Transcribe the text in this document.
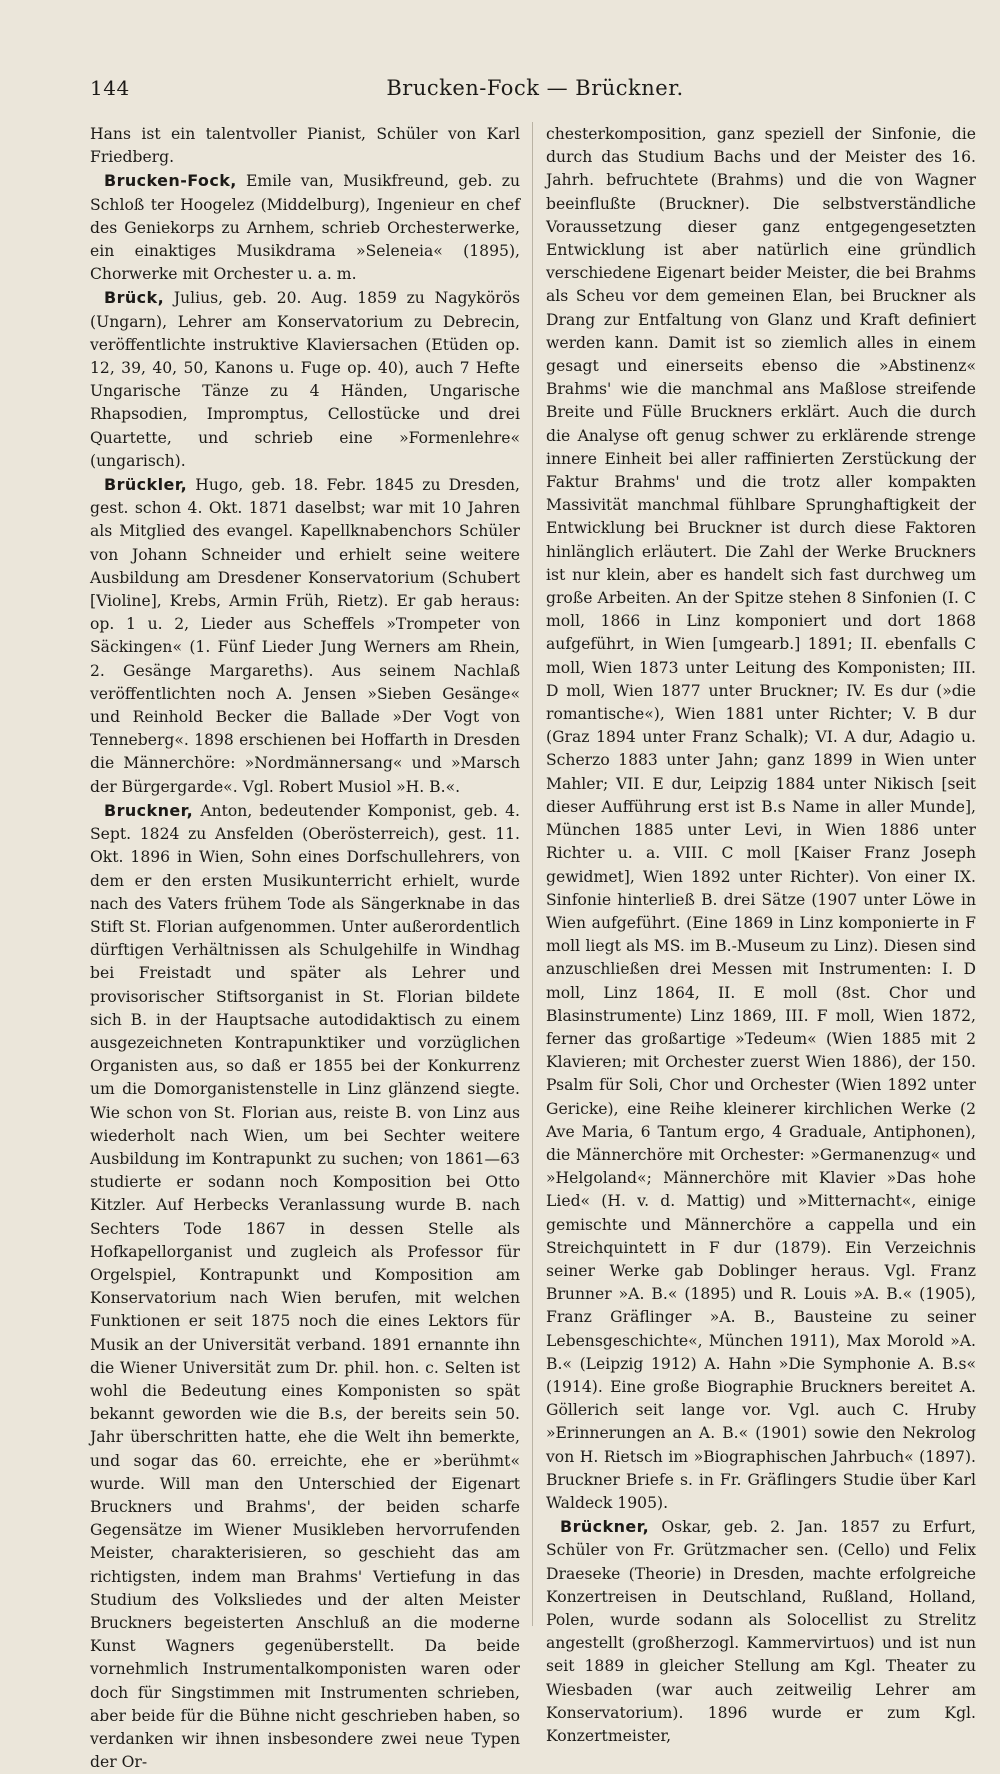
144	Brucken-Fock — Brückner.

Hans ist ein talentvoller Pianist, Schüler von Karl Friedberg.

Brucken-Fock, Emile van, Musikfreund, geb. zu Schloß ter Hoogelez (Middelburg), Ingenieur en chef des Geniekorps zu Arnhem, schrieb Orchesterwerke, ein einaktiges Musikdrama »Seleneia« (1895), Chorwerke mit Orchester u. a. m.

Brück, Julius, geb. 20. Aug. 1859 zu Nagykörös (Ungarn), Lehrer am Konservatorium zu Debrecin, veröffentlichte instruktive Klaviersachen (Etüden op. 12, 39, 40, 50, Kanons u. Fuge op. 40), auch 7 Hefte Ungarische Tänze zu 4 Händen, Ungarische Rhapsodien, Impromptus, Cellostücke und drei Quartette, und schrieb eine »Formenlehre« (ungarisch).

Brückler, Hugo, geb. 18. Febr. 1845 zu Dresden, gest. schon 4. Okt. 1871 daselbst; war mit 10 Jahren als Mitglied des evangel. Kapellknabenchors Schüler von Johann Schneider und erhielt seine weitere Ausbildung am Dresdener Konservatorium (Schubert [Violine], Krebs, Armin Früh, Rietz). Er gab heraus: op. 1 u. 2, Lieder aus Scheffels »Trompeter von Säckingen« (1. Fünf Lieder Jung Werners am Rhein, 2. Gesänge Margareths). Aus seinem Nachlaß veröffentlichten noch A. Jensen »Sieben Gesänge« und Reinhold Becker die Ballade »Der Vogt von Tenneberg«. 1898 erschienen bei Hoffarth in Dresden die Männerchöre: »Nordmännersang« und »Marsch der Bürgergarde«. Vgl. Robert Musiol »H. B.«.

Bruckner, Anton, bedeutender Komponist, geb. 4. Sept. 1824 zu Ansfelden (Oberösterreich), gest. 11. Okt. 1896 in Wien, Sohn eines Dorfschullehrers, von dem er den ersten Musikunterricht erhielt, wurde nach des Vaters frühem Tode als Sängerknabe in das Stift St. Florian aufgenommen. Unter außerordentlich dürftigen Verhältnissen als Schulgehilfe in Windhag bei Freistadt und später als Lehrer und provisorischer Stiftsorganist in St. Florian bildete sich B. in der Hauptsache autodidaktisch zu einem ausgezeichneten Kontrapunktiker und vorzüglichen Organisten aus, so daß er 1855 bei der Konkurrenz um die Domorganistenstelle in Linz glänzend siegte. Wie schon von St. Florian aus, reiste B. von Linz aus wiederholt nach Wien, um bei Sechter weitere Ausbildung im Kontrapunkt zu suchen; von 1861—63 studierte er sodann noch Komposition bei Otto Kitzler. Auf Herbecks Veranlassung wurde B. nach Sechters Tode 1867 in dessen Stelle als Hofkapellorganist und zugleich als Professor für Orgelspiel, Kontrapunkt und Komposition am Konservatorium nach Wien berufen, mit welchen Funktionen er seit 1875 noch die eines Lektors für Musik an der Universität verband. 1891 ernannte ihn die Wiener Universität zum Dr. phil. hon. c. Selten ist wohl die Bedeutung eines Komponisten so spät bekannt geworden wie die B.s, der bereits sein 50. Jahr überschritten hatte, ehe die Welt ihn bemerkte, und sogar das 60. erreichte, ehe er »berühmt« wurde. Will man den Unterschied der Eigenart Bruckners und Brahms', der beiden scharfe Gegensätze im Wiener Musikleben hervorrufenden Meister, charakterisieren, so geschieht das am richtigsten, indem man Brahms' Vertiefung in das Studium des Volksliedes und der alten Meister Bruckners begeisterten Anschluß an die moderne Kunst Wagners gegenüberstellt. Da beide vornehmlich Instrumentalkomponisten waren oder doch für Singstimmen mit Instrumenten schrieben, aber beide für die Bühne nicht geschrieben haben, so verdanken wir ihnen insbesondere zwei neue Typen der Or-

chesterkomposition, ganz speziell der Sinfonie, die durch das Studium Bachs und der Meister des 16. Jahrh. befruchtete (Brahms) und die von Wagner beeinflußte (Bruckner). Die selbstverständliche Voraussetzung dieser ganz entgegengesetzten Entwicklung ist aber natürlich eine gründlich verschiedene Eigenart beider Meister, die bei Brahms als Scheu vor dem gemeinen Elan, bei Bruckner als Drang zur Entfaltung von Glanz und Kraft definiert werden kann. Damit ist so ziemlich alles in einem gesagt und einerseits ebenso die »Abstinenz« Brahms' wie die manchmal ans Maßlose streifende Breite und Fülle Bruckners erklärt. Auch die durch die Analyse oft genug schwer zu erklärende strenge innere Einheit bei aller raffinierten Zerstückung der Faktur Brahms' und die trotz aller kompakten Massivität manchmal fühlbare Sprunghaftigkeit der Entwicklung bei Bruckner ist durch diese Faktoren hinlänglich erläutert. Die Zahl der Werke Bruckners ist nur klein, aber es handelt sich fast durchweg um große Arbeiten. An der Spitze stehen 8 Sinfonien (I. C moll, 1866 in Linz komponiert und dort 1868 aufgeführt, in Wien [umgearb.] 1891; II. ebenfalls C moll, Wien 1873 unter Leitung des Komponisten; III. D moll, Wien 1877 unter Bruckner; IV. Es dur (»die romantische«), Wien 1881 unter Richter; V. B dur (Graz 1894 unter Franz Schalk); VI. A dur, Adagio u. Scherzo 1883 unter Jahn; ganz 1899 in Wien unter Mahler; VII. E dur, Leipzig 1884 unter Nikisch [seit dieser Aufführung erst ist B.s Name in aller Munde], München 1885 unter Levi, in Wien 1886 unter Richter u. a. VIII. C moll [Kaiser Franz Joseph gewidmet], Wien 1892 unter Richter). Von einer IX. Sinfonie hinterließ B. drei Sätze (1907 unter Löwe in Wien aufgeführt. (Eine 1869 in Linz komponierte in F moll liegt als MS. im B.-Museum zu Linz). Diesen sind anzuschließen drei Messen mit Instrumenten: I. D moll, Linz 1864, II. E moll (8st. Chor und Blasinstrumente) Linz 1869, III. F moll, Wien 1872, ferner das großartige »Tedeum« (Wien 1885 mit 2 Klavieren; mit Orchester zuerst Wien 1886), der 150. Psalm für Soli, Chor und Orchester (Wien 1892 unter Gericke), eine Reihe kleinerer kirchlichen Werke (2 Ave Maria, 6 Tantum ergo, 4 Graduale, Antiphonen), die Männerchöre mit Orchester: »Germanenzug« und »Helgoland«; Männerchöre mit Klavier »Das hohe Lied« (H. v. d. Mattig) und »Mitternacht«, einige gemischte und Männerchöre a cappella und ein Streichquintett in F dur (1879). Ein Verzeichnis seiner Werke gab Doblinger heraus. Vgl. Franz Brunner »A. B.« (1895) und R. Louis »A. B.« (1905), Franz Gräflinger »A. B., Bausteine zu seiner Lebensgeschichte«, München 1911), Max Morold »A. B.« (Leipzig 1912) A. Hahn »Die Symphonie A. B.s« (1914). Eine große Biographie Bruckners bereitet A. Göllerich seit lange vor. Vgl. auch C. Hruby »Erinnerungen an A. B.« (1901) sowie den Nekrolog von H. Rietsch im »Biographischen Jahrbuch« (1897). Bruckner Briefe s. in Fr. Gräflingers Studie über Karl Waldeck 1905).

Brückner, Oskar, geb. 2. Jan. 1857 zu Erfurt, Schüler von Fr. Grützmacher sen. (Cello) und Felix Draeseke (Theorie) in Dresden, machte erfolgreiche Konzertreisen in Deutschland, Rußland, Holland, Polen, wurde sodann als Solocellist zu Strelitz angestellt (großherzogl. Kammervirtuos) und ist nun seit 1889 in gleicher Stellung am Kgl. Theater zu Wiesbaden (war auch zeitweilig Lehrer am Konservatorium). 1896 wurde er zum Kgl. Konzertmeister,
